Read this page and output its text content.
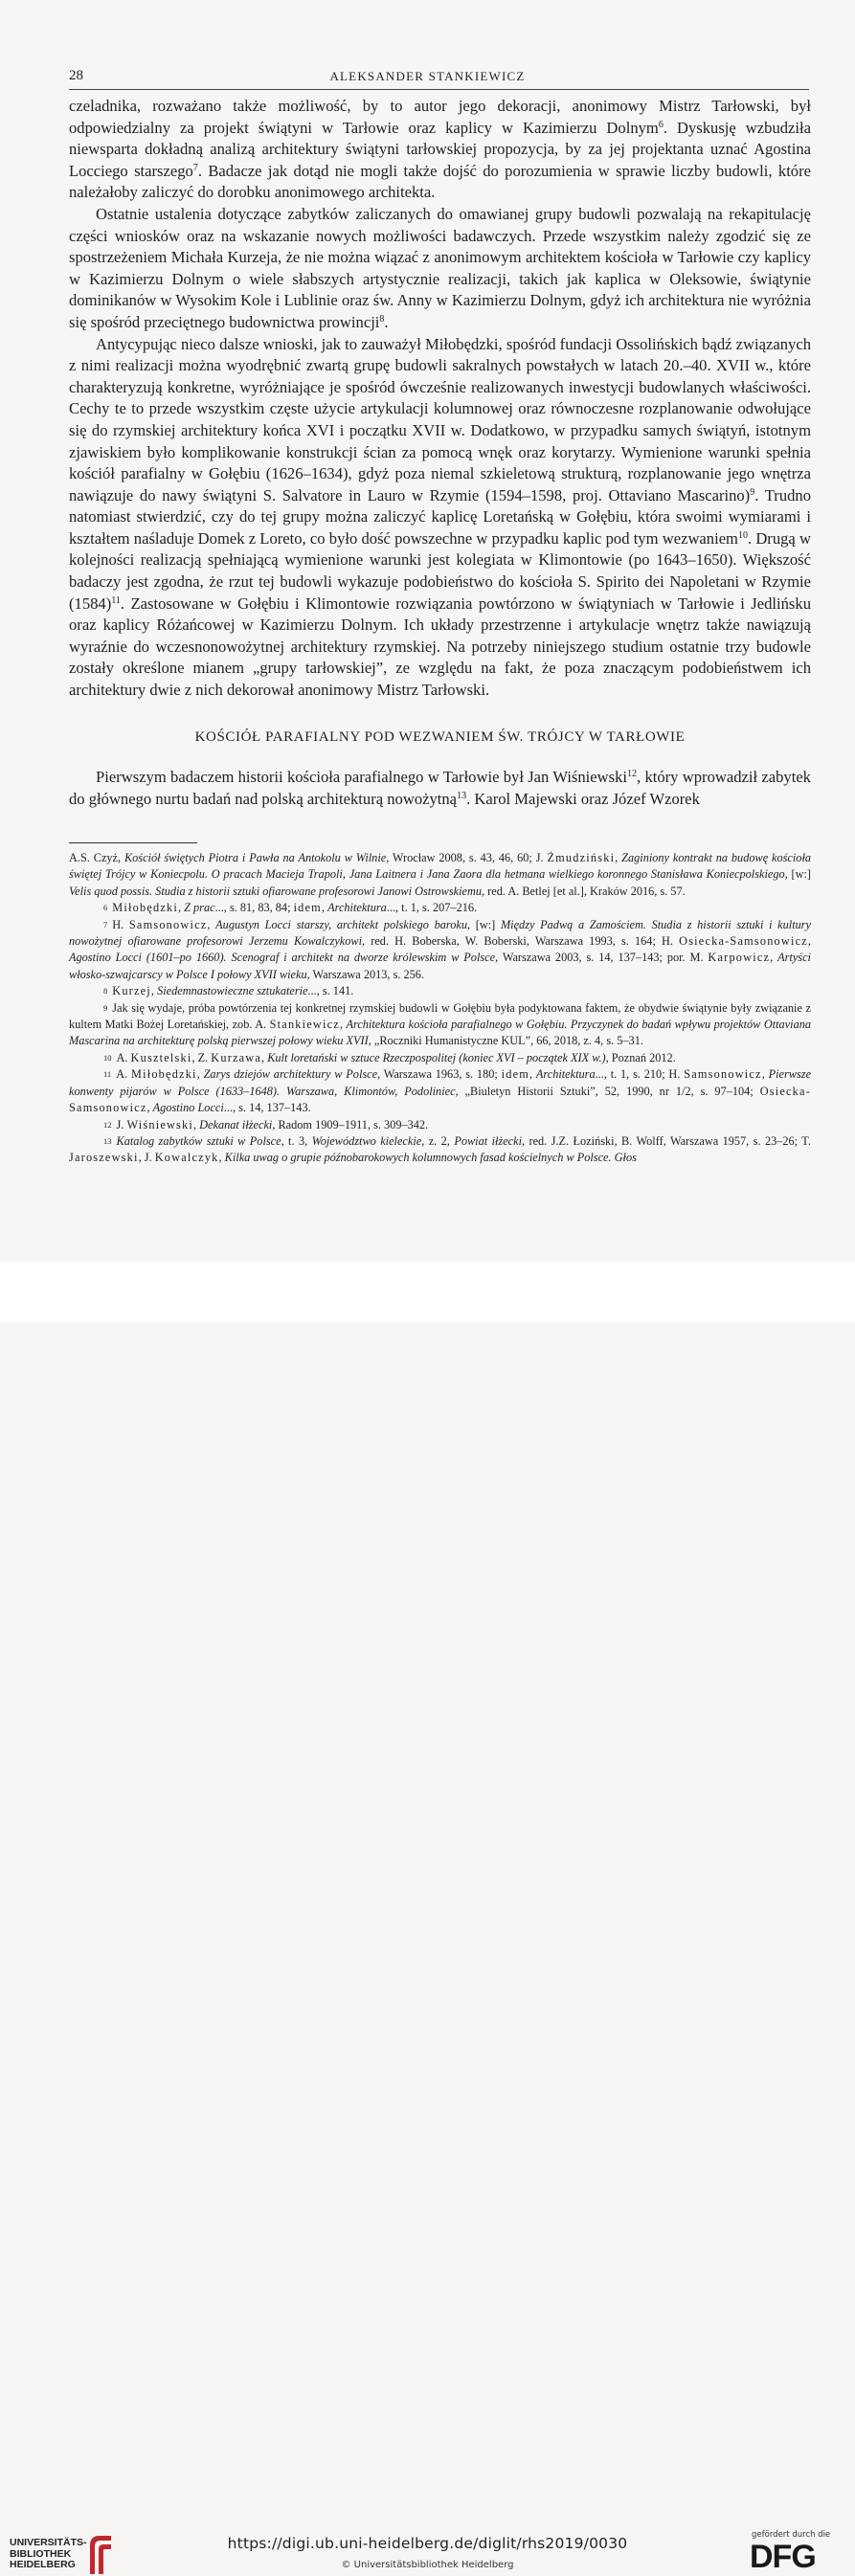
28	ALEKSANDER STANKIEWICZ

czeladnika, rozważano także możliwość, by to autor jego dekoracji, anonimowy Mistrz Tarłowski, był odpowiedzialny za projekt świątyni w Tarłowie oraz kaplicy w Kazimierzu Dolnym$^6$. Dyskusję wzbudziła niewsparta dokładną analizą architektury świątyni tarłowskiej propozycja, by za jej projektanta uznać Agostina Locciego starszego$^7$. Badacze jak dotąd nie mogli także dojść do porozumienia w sprawie liczby budowli, które należałoby zaliczyć do dorobku anonimowego architekta.

Ostatnie ustalenia dotyczące zabytków zaliczanych do omawianej grupy budowli pozwalają na rekapitulację części wniosków oraz na wskazanie nowych możliwości badawczych. Przede wszystkim należy zgodzić się ze spostrzeżeniem Michała Kurzeja, że nie można wiązać z anonimowym architektem kościoła w Tarłowie czy kaplicy w Kazimierzu Dolnym o wiele słabszych artystycznie realizacji, takich jak kaplica w Oleksowie, świątynie dominikanów w Wysokim Kole i Lublinie oraz św. Anny w Kazimierzu Dolnym, gdyż ich architektura nie wyróżnia się spośród przeciętnego budownictwa prowincji$^8$.

Antycypując nieco dalsze wnioski, jak to zauważył Miłobędzki, spośród fundacji Ossolińskich bądź związanych z nimi realizacji można wyodrębnić zwartą grupę budowli sakralnych powstałych w latach 20.–40. XVII w., które charakteryzują konkretne, wyróżniające je spośród ówcześnie realizowanych inwestycji budowlanych właściwości. Cechy te to przede wszystkim częste użycie artykulacji kolumnowej oraz równoczesne rozplanowanie odwołujące się do rzymskiej architektury końca XVI i początku XVII w. Dodatkowo, w przypadku samych świątyń, istotnym zjawiskiem było komplikowanie konstrukcji ścian za pomocą wnęk oraz korytarzy. Wymienione warunki spełnia kościół parafialny w Gołębiu (1626–1634), gdyż poza niemal szkieletową strukturą, rozplanowanie jego wnętrza nawiązuje do nawy świątyni S. Salvatore in Lauro w Rzymie (1594–1598, proj. Ottaviano Mascarino)$^9$. Trudno natomiast stwierdzić, czy do tej grupy można zaliczyć kaplicę Loretańską w Gołębiu, która swoimi wymiarami i kształtem naśladuje Domek z Loreto, co było dość powszechne w przypadku kaplic pod tym wezwaniem$^{10}$. Drugą w kolejności realizacją spełniającą wymienione warunki jest kolegiata w Klimontowie (po 1643–1650). Większość badaczy jest zgodna, że rzut tej budowli wykazuje podobieństwo do kościoła S. Spirito dei Napoletani w Rzymie $(1584)^{11}$. Zastosowane w Gołębiu i Klimontowie rozwiązania powtórzono w świątyniach w Tarłowie i Jedlińsku oraz kaplicy Różańcowej w Kazimierzu Dolnym. Ich układy przestrzenne i artykulacje wnętrz także nawiązują wyraźnie do wczesnonowożytnej architektury rzymskiej. Na potrzeby niniejszego studium ostatnie trzy budowle zostały określone mianem „grupy tarłowskiej”, ze względu na fakt, że poza znaczącym podobieństwem ich architektury dwie z nich dekorował anonimowy Mistrz Tarłowski.

KOŚCIÓŁ PARAFIALNY POD WEZWANIEM ŚW. TRÓJCY W TARŁOWIE

Pierwszym badaczem historii kościoła parafialnego w Tarłowie był Jan Wiśniewski$^{12}$, który wprowadził zabytek do głównego nurtu badań nad polską architekturą nowożytną$^{13}$. Karol Majewski oraz Józef Wzorek

A.S. Czyż, Kościół świętych Piotra i Pawła na Antokolu w Wilnie, Wrocław 2008, s. 43, 46, 60; J. Żmudziński, Zaginiony kontrakt na budowę kościoła świętej Trójcy w Koniecpolu. O pracach Macieja Trapoli, Jana Laitnera i Jana Zaora dla hetmana wielkiego koronnego Stanisława Koniecpolskiego, [w:] Velis quod possis. Studia z historii sztuki ofiarowane profesorowi Janowi Ostrowskiemu, red. A. Betlej [et al.], Kraków 2016, s. 57.

$^6$ Miłobędzki, Z prac..., s. 81, 83, 84; idem, Architektura..., t. 1, s. 207–216.

$^7$ H. Samsonowicz, Augustyn Locci starszy, architekt polskiego baroku, [w:] Między Padwą a Zamościem. Studia z historii sztuki i kultury nowożytnej ofiarowane profesorowi Jerzemu Kowalczykowi, red. H. Boberska, W. Boberski, Warszawa 1993, s. 164; H. Osiecka-Samsonowicz, Agostino Locci (1601–po 1660). Scenograf i architekt na dworze królewskim w Polsce, Warszawa 2003, s. 14, 137–143; por. M. Karpowicz, Artyści włosko-szwajcarscy w Polsce I połowy XVII wieku, Warszawa 2013, s. 256.

$^8$ Kurzej, Siedemnastowieczne sztukaterie..., s. 141.

$^9$ Jak się wydaje, próba powtórzenia tej konkretnej rzymskiej budowli w Gołębiu była podyktowana faktem, że obydwie świątynie były związanie z kultem Matki Bożej Loretańskiej, zob. A. Stankiewicz, Architektura kościoła parafialnego w Gołębiu. Przyczynek do badań wpływu projektów Ottaviana Mascarina na architekturę polską pierwszej połowy wieku XVII, „Roczniki Humanistyczne KUL”, 66, 2018, z. 4, s. 5–31.

$^{10}$ A. Kusztelski, Z. Kurzawa, Kult loretański w sztuce Rzeczpospolitej (koniec XVI – początek XIX w.), Poznań 2012.

$^{11}$ A. Miłobędzki, Zarys dziejów architektury w Polsce, Warszawa 1963, s. 180; idem, Architektura..., t. 1, s. 210; H. Samsonowicz, Pierwsze konwenty pijarów w Polsce (1633–1648). Warszawa, Klimontów, Podoliniec, „Biuletyn Historii Sztuki”, 52, 1990, nr 1/2, s. 97–104; Osiecka-Samsonowicz, Agostino Locci..., s. 14, 137–143.

$^{12}$ J. Wiśniewski, Dekanat iłżecki, Radom 1909–1911, s. 309–342.

$^{13}$ Katalog zabytków sztuki w Polsce, t. 3, Województwo kieleckie, z. 2, Powiat iłżecki, red. J.Z. Łoziński, B. Wolff, Warszawa 1957, s. 23–26; T. Jaroszewski, J. Kowalczyk, Kilka uwag o grupie późnobarokowych kolumnowych fasad kościelnych w Polsce. Głos

UNIVERSITÄTS-
BIBLIOTHEK
HEIDELBERG
https://digi.ub.uni-heidelberg.de/diglit/rhs2019/0030
© Universitätsbibliothek Heidelberg
gefördert durch die
DFG
